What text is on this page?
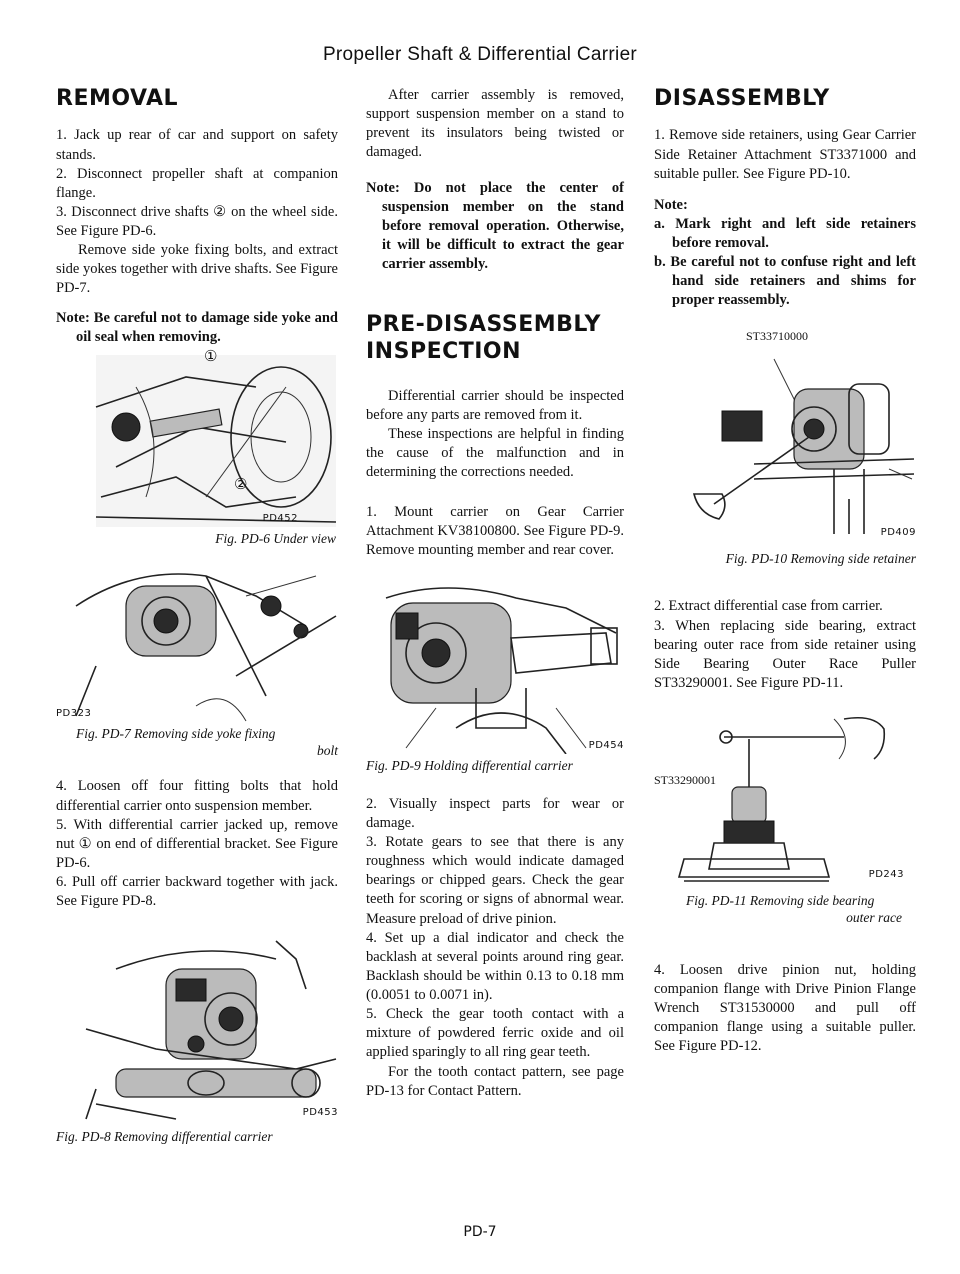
Propeller Shaft & Differential Carrier
REMOVAL

1. Jack up rear of car and support on safety stands.

2. Disconnect propeller shaft at companion flange.

3. Disconnect drive shafts ② on the wheel side. See Figure PD-6.

Remove side yoke fixing bolts, and extract side yokes together with drive shafts. See Figure PD-7.

Note: Be careful not to damage side yoke and oil seal when removing.

PD452
①
②

Fig. PD-6 Under view

PD323

Fig. PD-7 Removing side yoke fixing

bolt

4. Loosen off four fitting bolts that hold differential carrier onto suspension member.

5. With differential carrier jacked up, remove nut ① on end of differential bracket. See Figure PD-6.

6. Pull off carrier backward together with jack. See Figure PD-8.

PD453

Fig. PD-8 Removing differential carrier

After carrier assembly is removed, support suspension member on a stand to prevent its insulators being twisted or damaged.

Note: Do not place the center of suspension member on the stand before removal operation. Otherwise, it will be difficult to extract the gear carrier assembly.

PRE-DISASSEMBLY
INSPECTION

Differential carrier should be inspected before any parts are removed from it.

These inspections are helpful in finding the cause of the malfunction and in determining the corrections needed.

1. Mount carrier on Gear Carrier Attachment KV38100800. See Figure PD-9. Remove mounting member and rear cover.

PD454

Fig. PD-9 Holding differential carrier

2. Visually inspect parts for wear or damage.

3. Rotate gears to see that there is any roughness which would indicate damaged bearings or chipped gears. Check the gear teeth for scoring or signs of abnormal wear. Measure preload of drive pinion.

4. Set up a dial indicator and check the backlash at several points around ring gear. Backlash should be within 0.13 to 0.18 mm (0.0051 to 0.0071 in).

5. Check the gear tooth contact with a mixture of powdered ferric oxide and oil applied sparingly to all ring gear teeth.

For the tooth contact pattern, see page PD-13 for Contact Pattern.

DISASSEMBLY

1. Remove side retainers, using Gear Carrier Side Retainer Attachment ST3371000 and suitable puller. See Figure PD-10.

Note:

a. Mark right and left side retainers before removal.

b. Be careful not to confuse right and left hand side retainers and shims for proper reassembly.

ST33710000
PD409

Fig. PD-10 Removing side retainer

2. Extract differential case from carrier.

3. When replacing side bearing, extract bearing outer race from side retainer using Side Bearing Outer Race Puller ST33290001. See Figure PD-11.

ST33290001
PD243

Fig. PD-11 Removing side bearing

outer race

4. Loosen drive pinion nut, holding companion flange with Drive Pinion Flange Wrench ST31530000 and pull off companion flange using a suitable puller. See Figure PD-12.

PD-7
